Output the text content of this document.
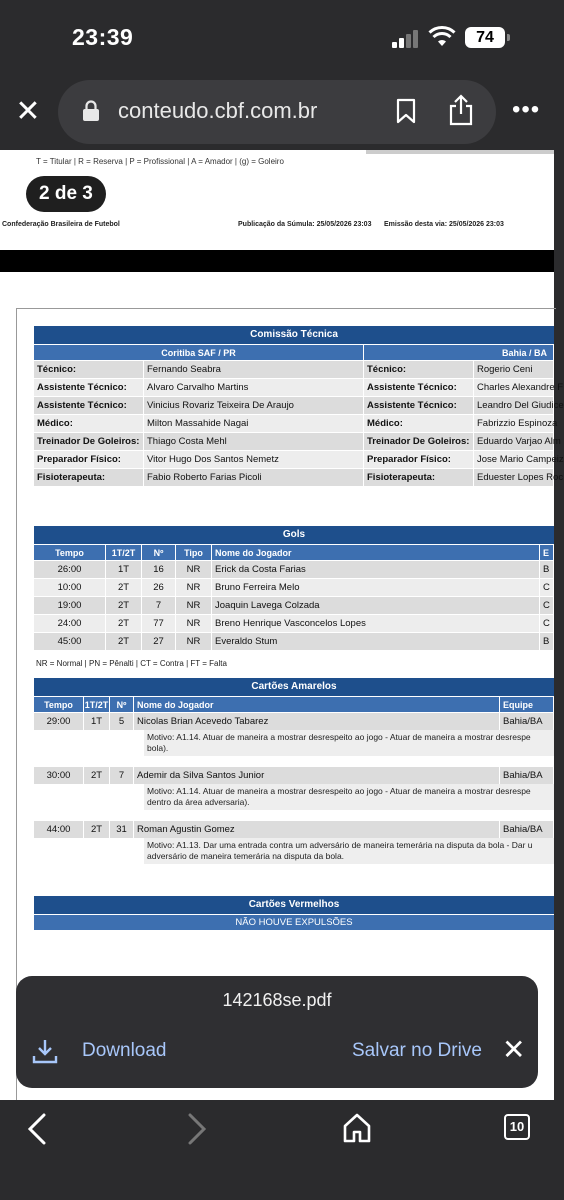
23:39	74
✕	conteudo.cbf.com.br	•••
T = Titular | R = Reserva | P = Profissional | A = Amador | (g) = Goleiro
Confederação Brasileira de Futebol	Publicação da Súmula: 25/05/2026 23:03 Emissão desta via: 25/05/2026 23:03
2 de 3
Comissão Técnica
Coritiba SAF / PR	Bahia / BA
Técnico:	Fernando Seabra	Técnico:	Rogerio Ceni
Assistente Técnico:	Alvaro Carvalho Martins	Assistente Técnico:	Charles Alexandre F
Assistente Técnico:	Vinicius Rovariz Teixeira De Araujo	Assistente Técnico:	Leandro Del Giudice
Médico:	Milton Massahide Nagai	Médico:	Fabrizzio Espinoza
Treinador De Goleiros: Thiago Costa Mehl	Treinador De Goleiros: Eduardo Varjao Alm
Preparador Físico:	Vitor Hugo Dos Santos Nemetz	Preparador Físico:	Jose Mario Campeiz
Fisioterapeuta:	Fabio Roberto Farias Picoli	Fisioterapeuta:	Eduester Lopes Roc
Gols
Tempo	1T/2T	Nº	Tipo	Nome do Jogador	E
26:00	1T	16	NR	Erick da Costa Farias	B
10:00	2T	26	NR	Bruno Ferreira Melo	C
19:00	2T	7	NR	Joaquin Lavega Colzada	C
24:00	2T	77	NR	Breno Henrique Vasconcelos Lopes	C
45:00	2T	27	NR	Everaldo Stum	B
NR = Normal | PN = Pênalti | CT = Contra | FT = Falta
Cartões Amarelos
Tempo	1T/2T Nº	Nome do Jogador	Equipe
29:00	1T	5	Nicolas Brian Acevedo Tabarez	Bahia/BA
Motivo: A1.14. Atuar de maneira a mostrar desrespeito ao jogo - Atuar de maneira a mostrar desrespe bola).
30:00	2T	7	Ademir da Silva Santos Junior	Bahia/BA
Motivo: A1.14. Atuar de maneira a mostrar desrespeito ao jogo - Atuar de maneira a mostrar desrespe dentro da área adversaria).
44:00	2T	31	Roman Agustin Gomez	Bahia/BA
Motivo: A1.13. Dar uma entrada contra um adversário de maneira temerária na disputa da bola - Dar u adversário de maneira temerária na disputa da bola.
Cartões Vermelhos
NÃO HOUVE EXPULSÕES
142168se.pdf
Download	Salvar no Drive ✕
10
